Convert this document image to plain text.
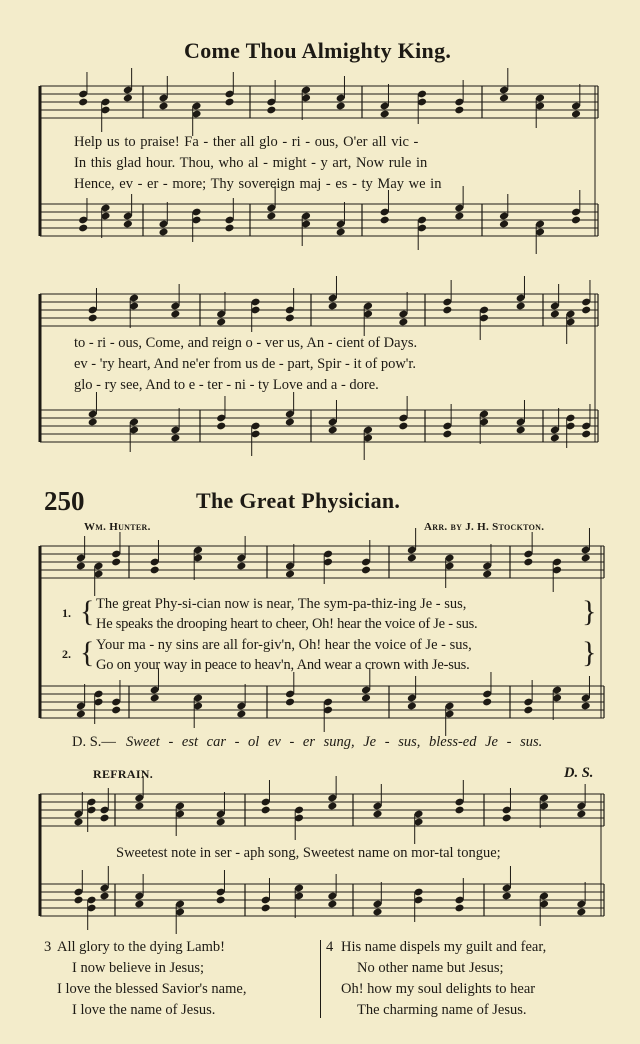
Come Thou Almighty King.
Help us to praise! Fa - ther all glo - ri - ous, O'er all vic -
In this glad hour. Thou, who al - might - y art, Now rule in
Hence, ev - er - more; Thy sovereign maj - es - ty May we in
to - ri - ous, Come, and reign o - ver us, An - cient of Days.
ev - 'ry heart, And ne'er from us de - part, Spir - it of pow'r.
glo - ry see, And to e - ter - ni - ty Love and a - dore.
250	The Great Physician.
Wm. Hunter.	Arr. by J. H. Stockton.
1.
2.
{
{
}
}
The great Phy-si-cian now is near, The sym-pa-thiz-ing Je - sus,
He speaks the drooping heart to cheer, Oh! hear the voice of Je - sus.
Your ma - ny sins are all for-giv'n, Oh! hear the voice of Je - sus,
Go on your way in peace to heav'n, And wear a crown with Je-sus.
D. S.— Sweet - est car - ol ev - er sung, Je - sus, bless-ed Je - sus.
REFRAIN.	D. S.
Sweetest note in ser - aph song, Sweetest name on mor-tal tongue;
3 All glory to the dying Lamb!
I now believe in Jesus;
I love the blessed Savior's name,
I love the name of Jesus.
4 His name dispels my guilt and fear,
No other name but Jesus;
Oh! how my soul delights to hear
The charming name of Jesus.
